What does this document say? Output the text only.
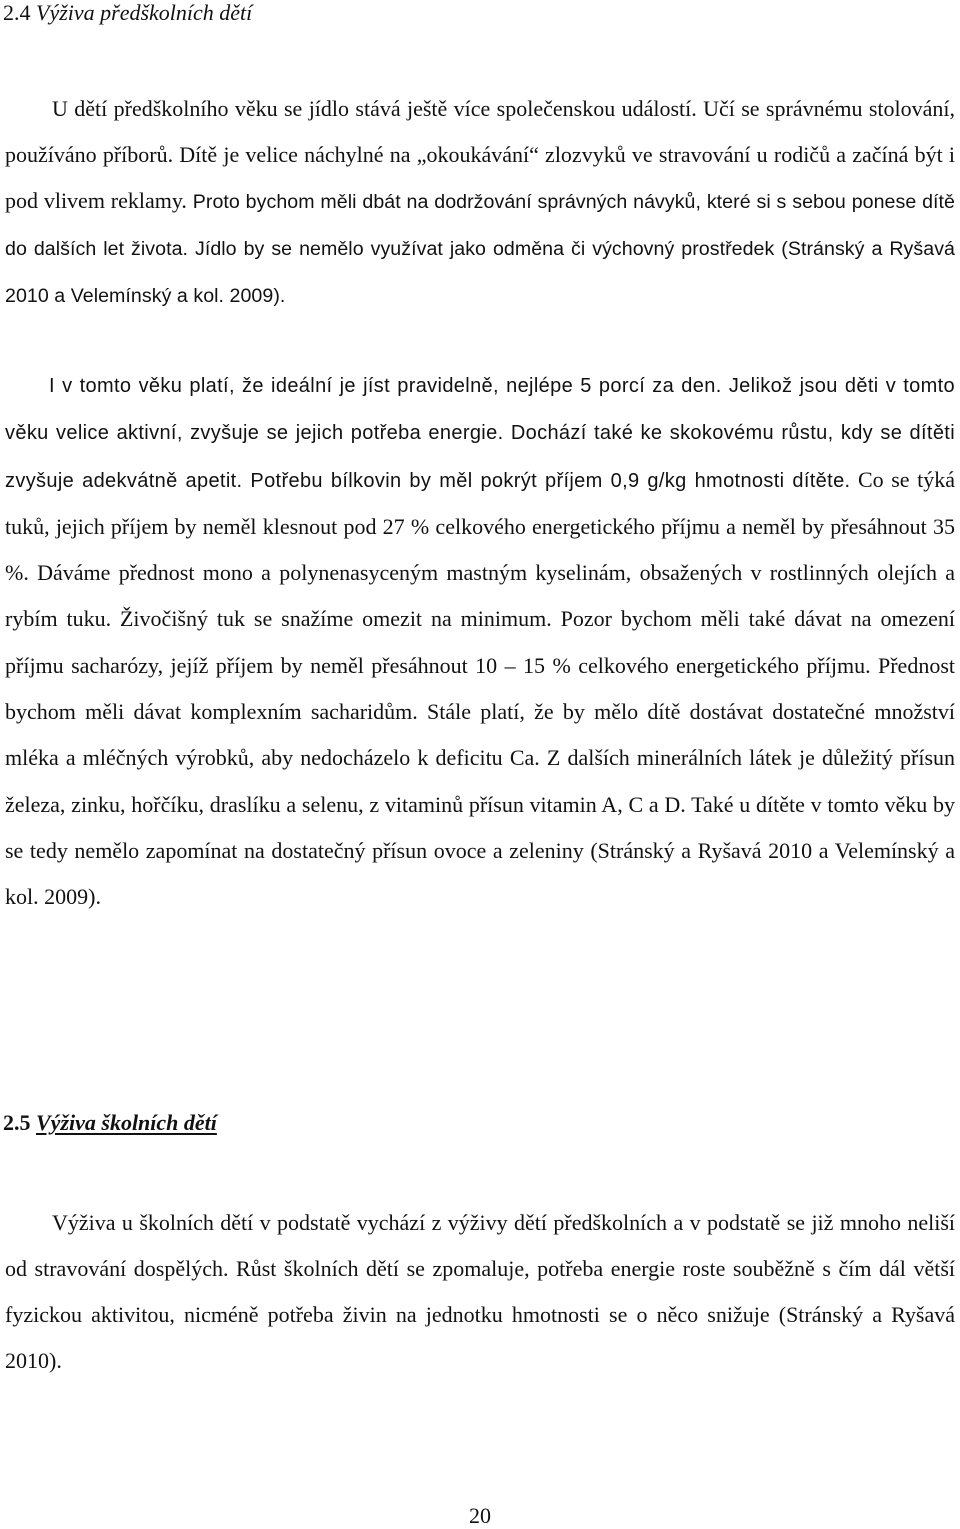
2.4 Výživa předškolních dětí

U dětí předškolního věku se jídlo stává ještě více společenskou událostí. Učí se správnému stolování, používáno příborů. Dítě je velice náchylné na „okoukávání“ zlozvyků ve stravování u rodičů a začíná být i pod vlivem reklamy. Proto bychom měli dbát na dodržování správných návyků, které si s sebou ponese dítě do dalších let života. Jídlo by se nemělo využívat jako odměna či výchovný prostředek (Stránský a Ryšavá 2010 a Velemínský a kol. 2009).

I v tomto věku platí, že ideální je jíst pravidelně, nejlépe 5 porcí za den. Jelikož jsou děti v tomto věku velice aktivní, zvyšuje se jejich potřeba energie. Dochází také ke skokovému růstu, kdy se dítěti zvyšuje adekvátně apetit. Potřebu bílkovin by měl pokrýt příjem 0,9 g/kg hmotnosti dítěte. Co se týká tuků, jejich příjem by neměl klesnout pod 27 % celkového energetického příjmu a neměl by přesáhnout 35 %. Dáváme přednost mono a polynenasyceným mastným kyselinám, obsažených v rostlinných olejích a rybím tuku. Živočišný tuk se snažíme omezit na minimum. Pozor bychom měli také dávat na omezení příjmu sacharózy, jejíž příjem by neměl přesáhnout 10 – 15 % celkového energetického příjmu. Přednost bychom měli dávat komplexním sacharidům. Stále platí, že by mělo dítě dostávat dostatečné množství mléka a mléčných výrobků, aby nedocházelo k deficitu Ca. Z dalších minerálních látek je důležitý přísun železa, zinku, hořčíku, draslíku a selenu, z vitaminů přísun vitamin A, C a D. Také u dítěte v tomto věku by se tedy nemělo zapomínat na dostatečný přísun ovoce a zeleniny (Stránský a Ryšavá 2010 a Velemínský a kol. 2009).

2.5 Výživa školních dětí

Výživa u školních dětí v podstatě vychází z výživy dětí předškolních a v podstatě se již mnoho neliší od stravování dospělých. Růst školních dětí se zpomaluje, potřeba energie roste souběžně s čím dál větší fyzickou aktivitou, nicméně potřeba živin na jednotku hmotnosti se o něco snižuje (Stránský a Ryšavá 2010).

20
